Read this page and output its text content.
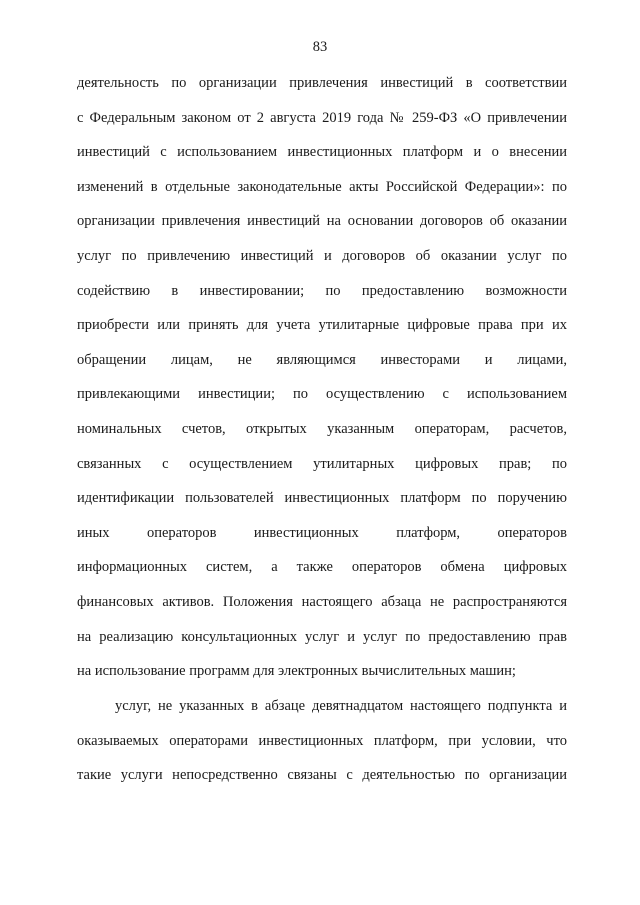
83
деятельность по организации привлечения инвестиций в соответствии
с Федеральным законом от 2 августа 2019 года № 259-ФЗ «О привлечении
инвестиций с использованием инвестиционных платформ и о внесении
изменений в отдельные законодательные акты Российской Федерации»: по
организации привлечения инвестиций на основании договоров об оказании
услуг по привлечению инвестиций и договоров об оказании услуг по
содействию в инвестировании; по предоставлению возможности
приобрести или принять для учета утилитарные цифровые права при их
обращении лицам, не являющимся инвесторами и лицами,
привлекающими инвестиции; по осуществлению с использованием
номинальных счетов, открытых указанным операторам, расчетов,
связанных с осуществлением утилитарных цифровых прав; по
идентификации пользователей инвестиционных платформ по поручению
иных операторов инвестиционных платформ, операторов
информационных систем, а также операторов обмена цифровых
финансовых активов. Положения настоящего абзаца не распространяются
на реализацию консультационных услуг и услуг по предоставлению прав
на использование программ для электронных вычислительных машин;
услуг, не указанных в абзаце девятнадцатом настоящего подпункта и
оказываемых операторами инвестиционных платформ, при условии, что
такие услуги непосредственно связаны с деятельностью по организации
